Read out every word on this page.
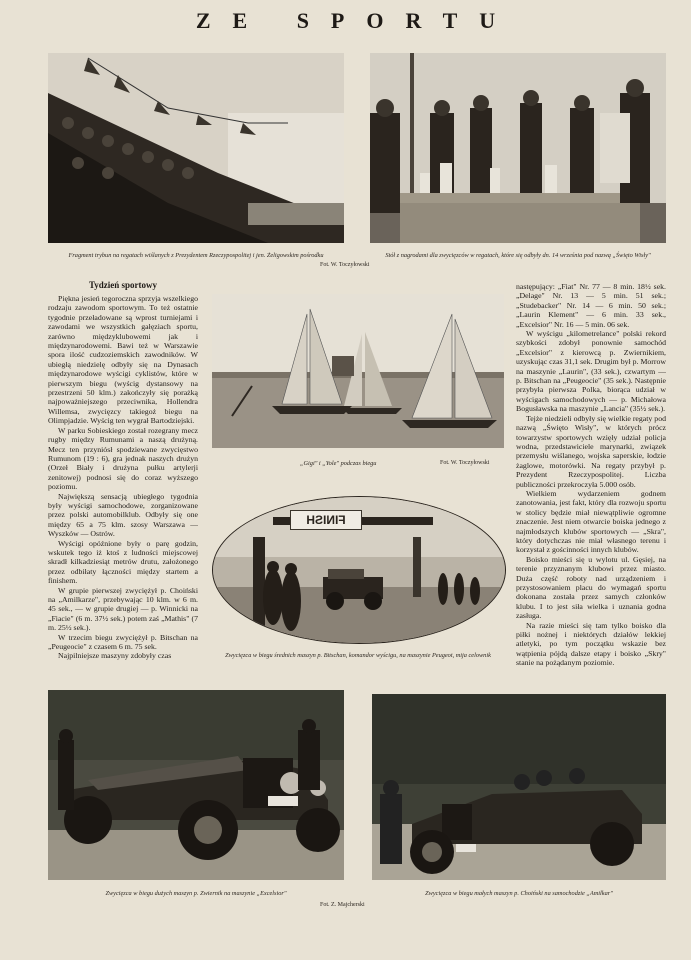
ZE SPORTU
Fragment trybun na regatach wiślanych z Prezydentem Rzeczypospolitej i jen. Żeligowskim pośrodku
Fot. W. Toczyłowski
Stół z nagrodami dla zwycięzców w regatach, które się odbyły dn. 14 września pod nazwą „Święto Wisły"
Tydzień sportowy

Piękna jesień tegoroczna sprzyja wszelkiego rodzaju zawodom sportowym. To też ostatnie tygodnie przeładowane są wprost turniejami i zawodami we wszystkich gałęziach sportu, zarówno międzyklubowemi jak i międzynarodowemi. Bawi też w Warszawie spora ilość cudzoziemskich zawodników. W ubiegłą niedzielę odbyły się na Dynasach międzynarodowe wyścigi cyklistów, które w pierwszym biegu (wyścig dystansowy na przestrzeni 50 klm.) zakończyły się porażką najpoważniejszego przeciwnika, Hollendra Willemsa, zwycięzcy takiegoż biegu na Olimpjadzie. Wyścig ten wygrał Bartodziejski.

W parku Sobieskiego został rozegrany mecz rugby między Rumunami a naszą drużyną. Mecz ten przyniósł spodziewane zwycięstwo Rumunom (19 : 6), gra jednak naszych drużyn (Orzeł Biały i drużyna pułku artylerji zenitowej) podnosi się do coraz wyższego poziomu.

Największą sensacją ubiegłego tygodnia były wyścigi samochodowe, zorganizowane przez polski automobilklub. Odbyły się one między 65 a 75 klm. szosy Warszawa — Wyszków — Ostrów.

Wyścigi opóźnione były o parę godzin, wskutek tego iż ktoś z ludności miejscowej skradł kilkadziesiąt metrów drutu, założonego przez odbiłaty łączności między startem a finishem.

W grupie pierwszej zwyciężył p. Choiński na „Amilkarze", przebywając 10 klm. w 6 m. 45 sek., — w grupie drugiej — p. Winnicki na „Fiacie" (6 m. 37½ sek.) potem zaś „Mathis" (7 m. 25½ sek.).

W trzecim biegu zwyciężył p. Bitschan na „Peugeocie" z czasem 6 m. 75 sek.

Najpilniejsze maszyny zdobyły czas

„Gigi" i „Yole" podczas biegu	Fot. W. Toczyłowski
FINISH
Zwycięzca w biegu średnich maszyn p. Bitschan, komandor wyścigu, na maszynie Peugeot, mija celownik

następujący: „Fiat" Nr. 77 — 8 min. 18½ sek. „Delage" Nr. 13 — 5 min. 51 sek.; „Studebacker" Nr. 14 — 6 min. 50 sek.; „Laurin Klement" — 6 min. 33 sek., „Excelsior" Nr. 16 — 5 min. 06 sek.

W wyścigu „kilometrelance" polski rekord szybkości zdobył ponownie samochód „Excelsior" z kierowcą p. Zwiernikiem, uzyskując czas 31,1 sek. Drugim był p. Morrow na maszynie „Laurin", (33 sek.), czwartym — p. Bitschan na „Peugeocie" (35 sek.). Następnie przybyła pierwsza Polka, biorąca udział w wyścigach samochodowych — p. Michałowa Bogusławska na maszynie „Lancia" (35½ sek.).

Tejże niedzieli odbyły się wielkie regaty pod nazwą „Święto Wisły", w których prócz towarzystw sportowych wzięły udział policja wodna, przedstawiciele marynarki, związek przemysłu wiślanego, wojska saperskie, łodzie żaglowe, motorówki. Na regaty przybył p. Prezydent Rzeczypospolitej. Liczba publiczności przekroczyła 5.000 osób.

Wielkiem wydarzeniem godnem zanotowania, jest fakt, który dla rozwoju sportu w stolicy będzie miał niewątpliwie ogromne znaczenie. Jest niem otwarcie boiska jednego z najmłodszych klubów sportowych — „Skra", który dotychczas nie miał własnego terenu i korzystał z gościnności innych klubów.

Boisko mieści się u wylotu ul. Gęsiej, na terenie przyznanym klubowi przez miasto. Duża część roboty nad urządzeniem i przystosowaniem placu do wymagań sportu dokonana została przez samych członków klubu. I to jest siła wielka i uznania godna zasługa.

Na razie mieści się tam tylko boisko dla piłki nożnej i niektórych działów lekkiej atletyki, po tym początku wskazie bez wątpienia pójdą dalsze etapy i boisko „Skry" stanie na pożądanym poziomie.

Zwycięzca w biegu dużych maszyn p. Zwiernik na maszynie „Excelsior"
Fot. Z. Majcherski
Zwycięzca w biegu małych maszyn p. Choiński na samochodzie „Amilkar"
